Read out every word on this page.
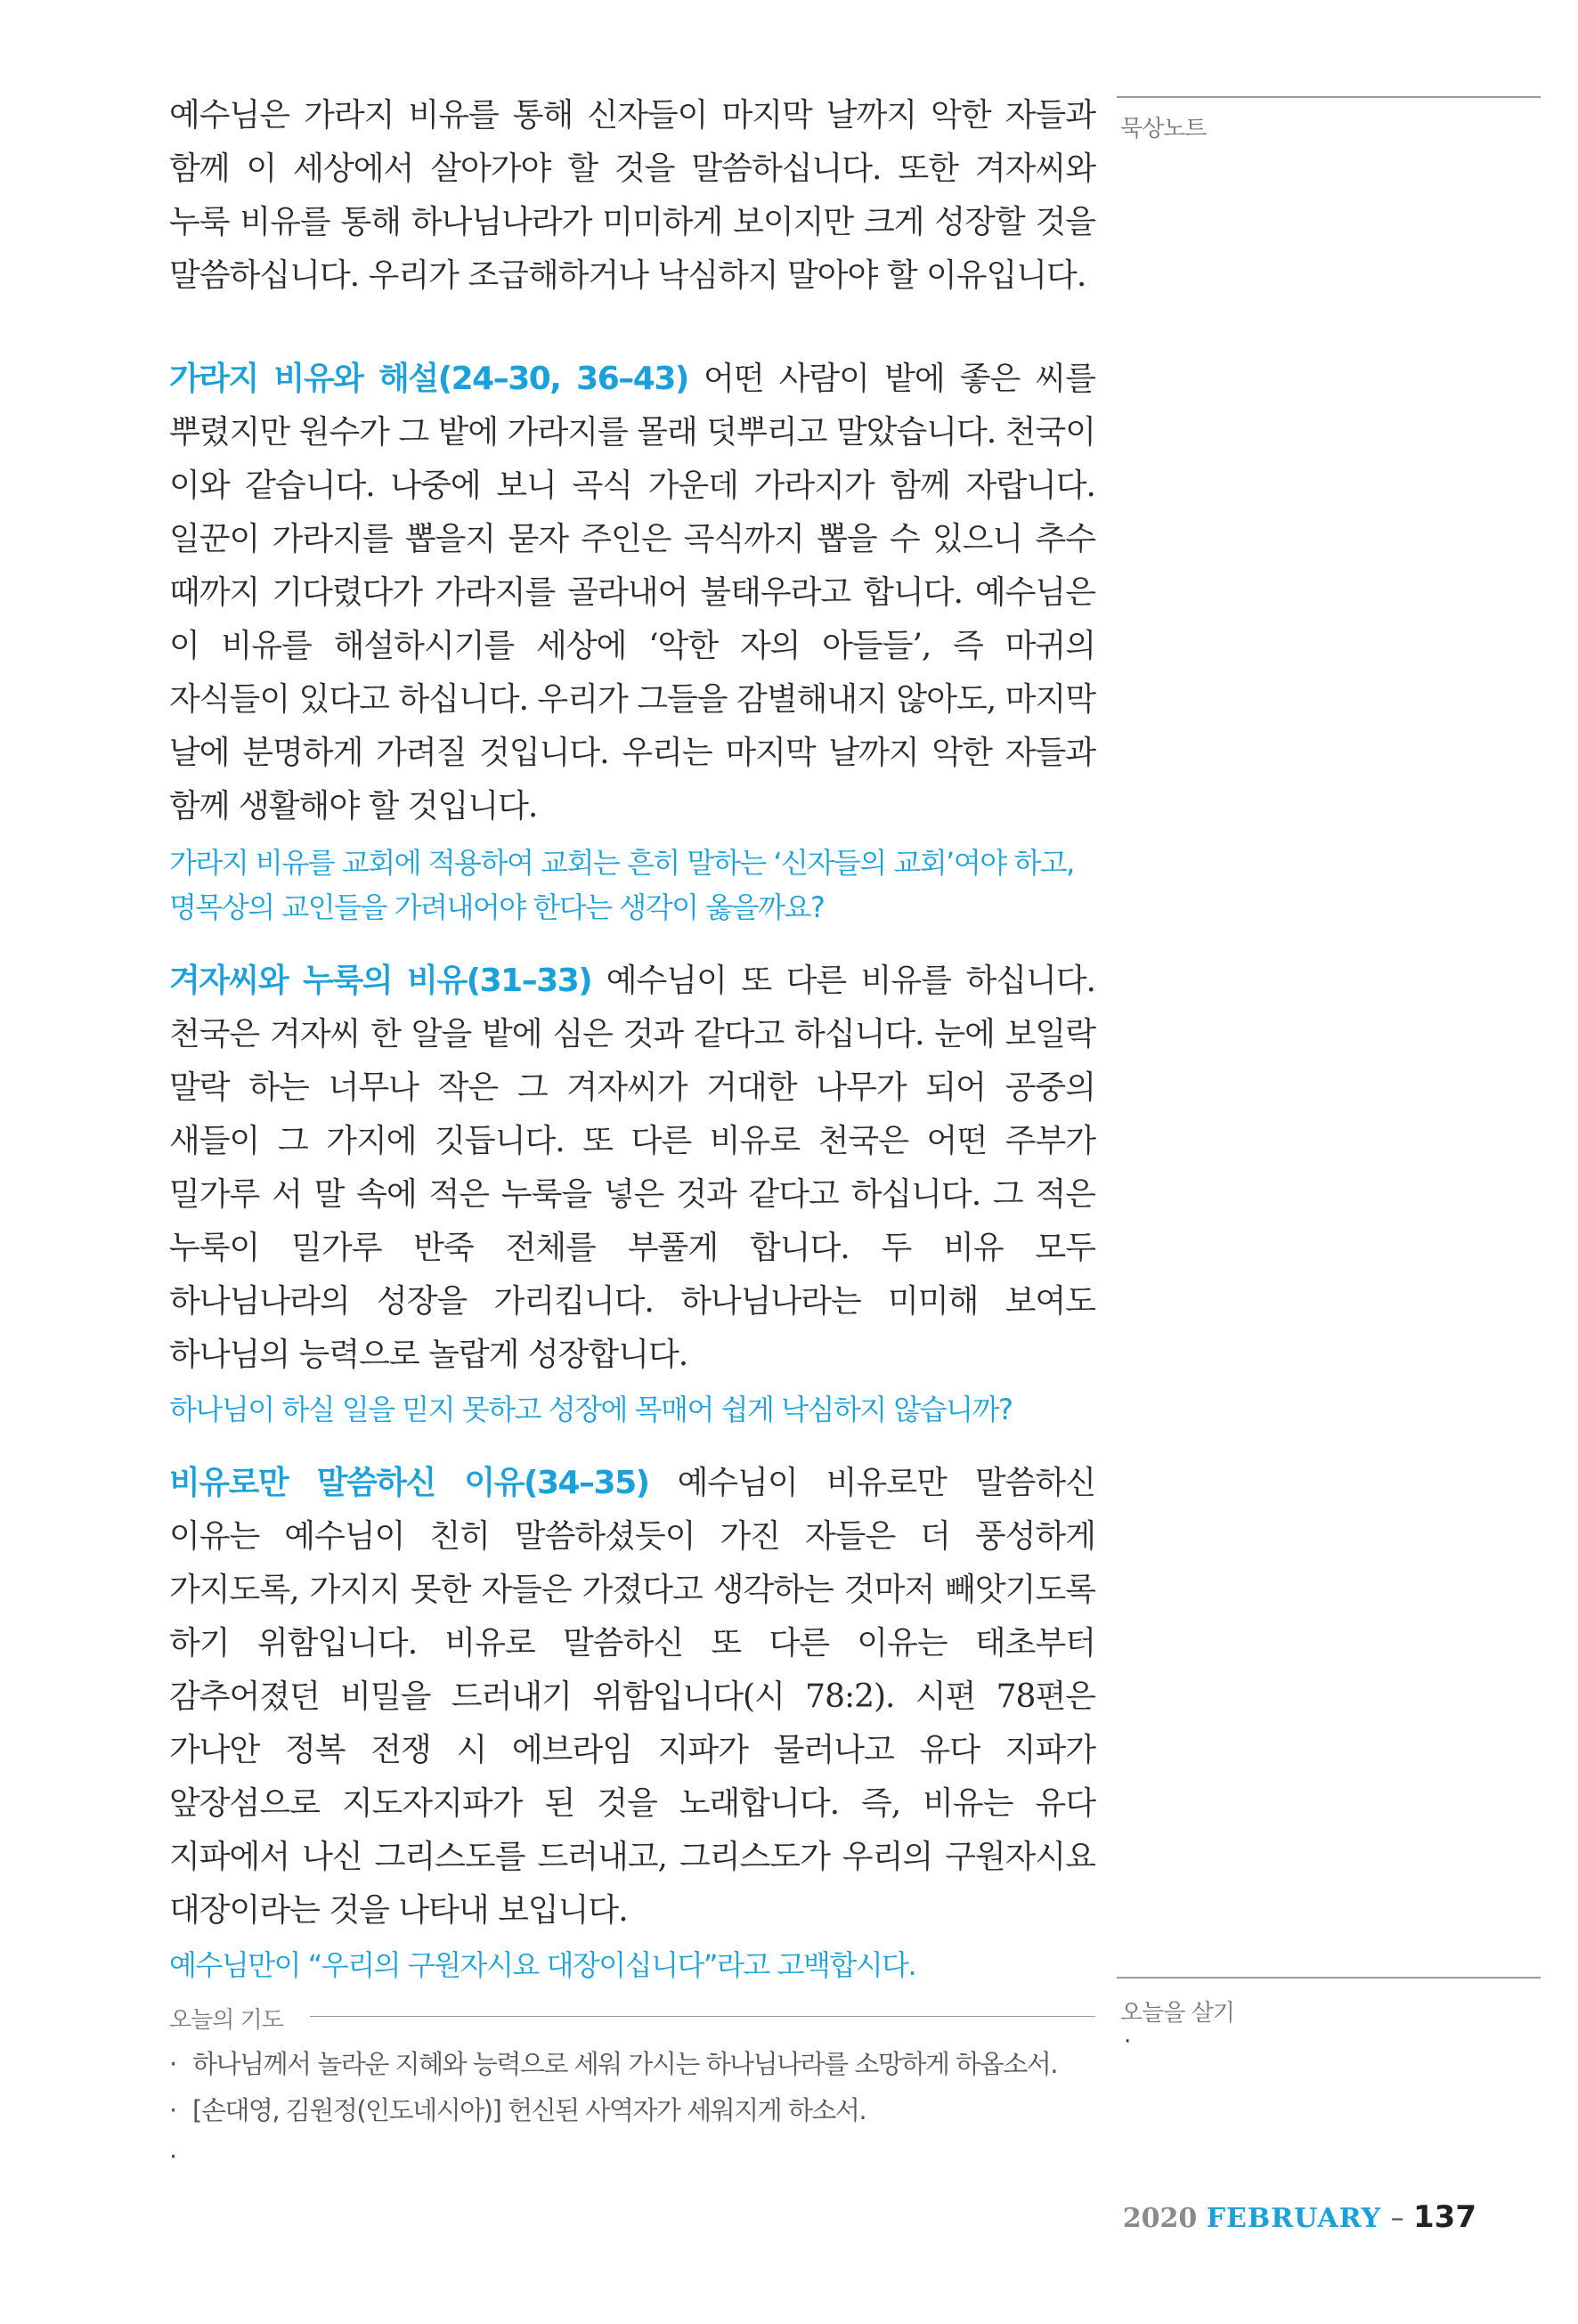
묵상노트
오늘을 살기
·

예수님은 가라지 비유를 통해 신자들이 마지막 날까지 악한 자들과 함께 이 세상에서 살아가야 할 것을 말씀하십니다. 또한 겨자씨와 누룩 비유를 통해 하나님나라가 미미하게 보이지만 크게 성장할 것을 말씀하십니다. 우리가 조급해하거나 낙심하지 말아야 할 이유입니다.

가라지 비유와 해설(24–30, 36–43) 어떤 사람이 밭에 좋은 씨를 뿌렸지만 원수가 그 밭에 가라지를 몰래 덧뿌리고 말았습니다. 천국이 이와 같습니다. 나중에 보니 곡식 가운데 가라지가 함께 자랍니다. 일꾼이 가라지를 뽑을지 묻자 주인은 곡식까지 뽑을 수 있으니 추수 때까지 기다렸다가 가라지를 골라내어 불태우라고 합니다. 예수님은 이 비유를 해설하시기를 세상에 ‘악한 자의 아들들’, 즉 마귀의 자식들이 있다고 하십니다. 우리가 그들을 감별해내지 않아도, 마지막 날에 분명하게 가려질 것입니다. 우리는 마지막 날까지 악한 자들과 함께 생활해야 할 것입니다.

가라지 비유를 교회에 적용하여 교회는 흔히 말하는 ‘신자들의 교회’여야 하고, 명목상의 교인들을 가려내어야 한다는 생각이 옳을까요?

겨자씨와 누룩의 비유(31–33) 예수님이 또 다른 비유를 하십니다. 천국은 겨자씨 한 알을 밭에 심은 것과 같다고 하십니다. 눈에 보일락 말락 하는 너무나 작은 그 겨자씨가 거대한 나무가 되어 공중의 새들이 그 가지에 깃듭니다. 또 다른 비유로 천국은 어떤 주부가 밀가루 서 말 속에 적은 누룩을 넣은 것과 같다고 하십니다. 그 적은 누룩이 밀가루 반죽 전체를 부풀게 합니다. 두 비유 모두 하나님나라의 성장을 가리킵니다. 하나님나라는 미미해 보여도 하나님의 능력으로 놀랍게 성장합니다.

하나님이 하실 일을 믿지 못하고 성장에 목매어 쉽게 낙심하지 않습니까?

비유로만 말씀하신 이유(34–35) 예수님이 비유로만 말씀하신 이유는 예수님이 친히 말씀하셨듯이 가진 자들은 더 풍성하게 가지도록, 가지지 못한 자들은 가졌다고 생각하는 것마저 빼앗기도록 하기 위함입니다. 비유로 말씀하신 또 다른 이유는 태초부터 감추어졌던 비밀을 드러내기 위함입니다(시 78:2). 시편 78편은 가나안 정복 전쟁 시 에브라임 지파가 물러나고 유다 지파가 앞장섬으로 지도자지파가 된 것을 노래합니다. 즉, 비유는 유다 지파에서 나신 그리스도를 드러내고, 그리스도가 우리의 구원자시요 대장이라는 것을 나타내 보입니다.

예수님만이 “우리의 구원자시요 대장이십니다”라고 고백합시다.

오늘의 기도
· 하나님께서 놀라운 지혜와 능력으로 세워 가시는 하나님나라를 소망하게 하옵소서.
· [손대영, 김원정(인도네시아)] 헌신된 사역자가 세워지게 하소서.
·
2020 FEBRUARY – 137
